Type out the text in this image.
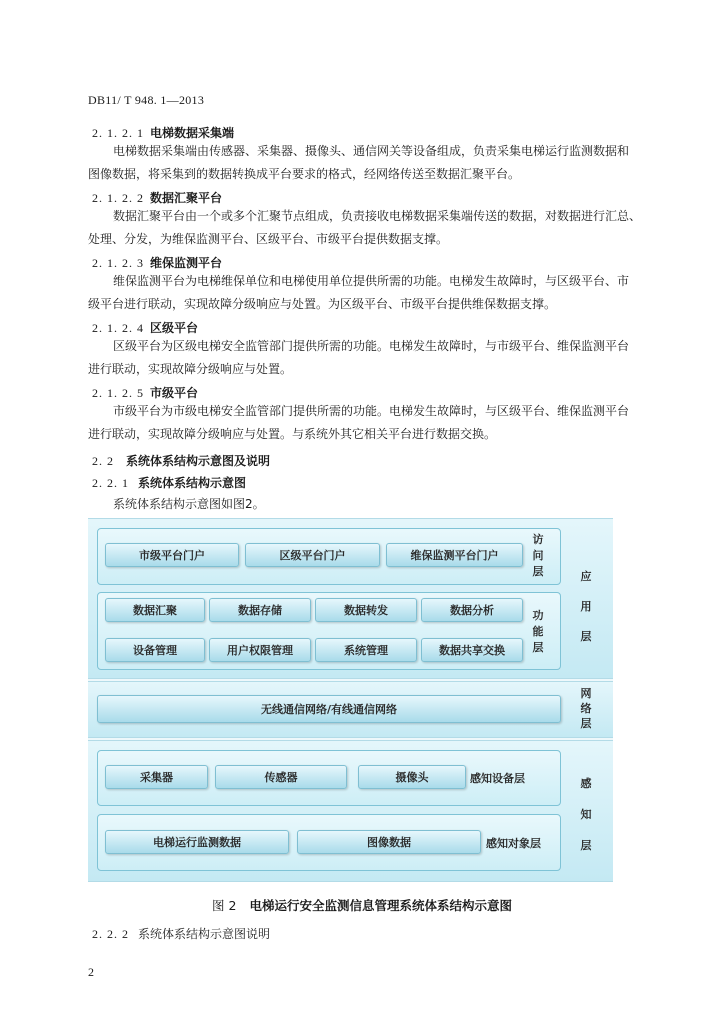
DB11/ T 948. 1—2013
2. 1. 2. 1 电梯数据采集端
电梯数据采集端由传感器、采集器、摄像头、通信网关等设备组成，负责采集电梯运行监测数据和
图像数据，将采集到的数据转换成平台要求的格式，经网络传送至数据汇聚平台。
2. 1. 2. 2 数据汇聚平台
数据汇聚平台由一个或多个汇聚节点组成，负责接收电梯数据采集端传送的数据，对数据进行汇总、
处理、分发，为维保监测平台、区级平台、市级平台提供数据支撑。
2. 1. 2. 3 维保监测平台
维保监测平台为电梯维保单位和电梯使用单位提供所需的功能。电梯发生故障时，与区级平台、市
级平台进行联动，实现故障分级响应与处置。为区级平台、市级平台提供维保数据支撑。
2. 1. 2. 4 区级平台
区级平台为区级电梯安全监管部门提供所需的功能。电梯发生故障时，与市级平台、维保监测平台
进行联动，实现故障分级响应与处置。
2. 1. 2. 5 市级平台
市级平台为市级电梯安全监管部门提供所需的功能。电梯发生故障时，与区级平台、维保监测平台
进行联动，实现故障分级响应与处置。与系统外其它相关平台进行数据交换。
2. 2 系统体系结构示意图及说明
2. 2. 1 系统体系结构示意图
系统体系结构示意图如图2。
市级平台门户	区级平台门户	维保监测平台门户
访问层
数据汇聚	数据存储	数据转发	数据分析
设备管理	用户权限管理	系统管理	数据共享交换
功能层
应用层
无线通信网络/有线通信网络
网络层
采集器	传感器	摄像头	感知设备层
电梯运行监测数据	图像数据	感知对象层
感知层

图 2 电梯运行安全监测信息管理系统体系结构示意图
2. 2. 2 系统体系结构示意图说明
2
